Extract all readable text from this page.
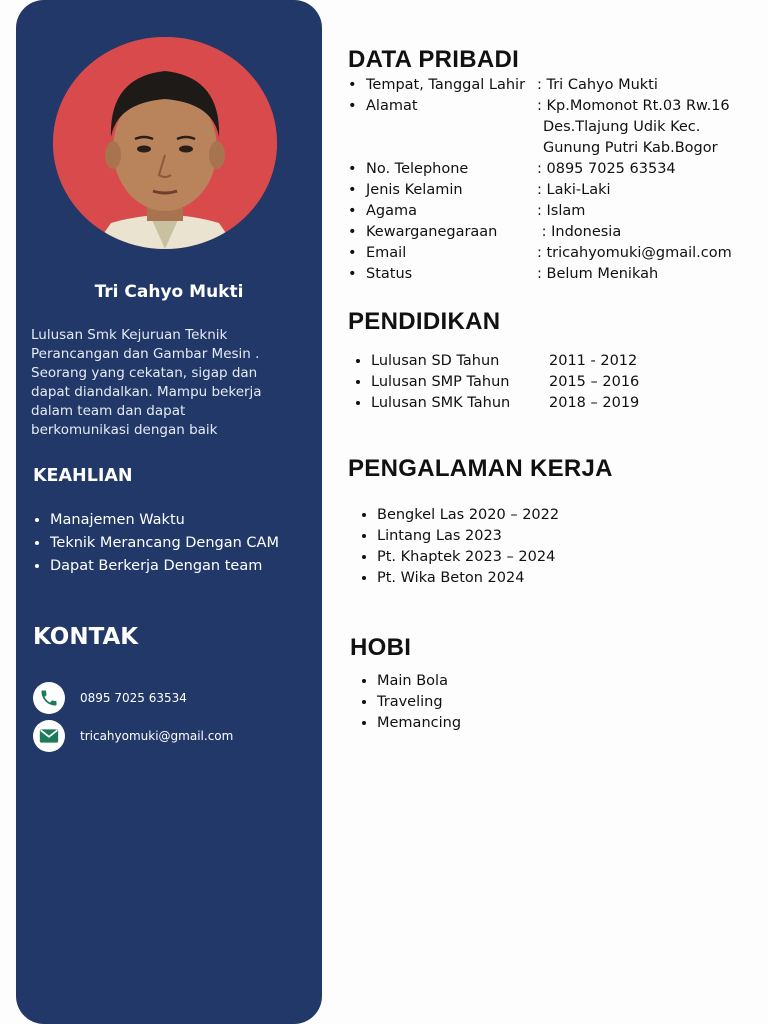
Tri Cahyo Mukti
Lulusan Smk Kejuruan Teknik
Perancangan dan Gambar Mesin .
Seorang yang cekatan, sigap dan
dapat diandalkan. Mampu bekerja
dalam team dan dapat
berkomunikasi dengan baik
KEAHLIAN
• Manajemen Waktu
• Teknik Merancang Dengan CAM
• Dapat Berkerja Dengan team
KONTAK
0895 7025 63534
tricahyomuki@gmail.com
DATA PRIBADI
• Tempat, Tanggal Lahir : Tri Cahyo Mukti
• Alamat	: Kp.Momonot Rt.03 Rw.16
Des.Tlajung Udik Kec.
Gunung Putri Kab.Bogor
• No. Telephone	: 0895 7025 63534
• Jenis Kelamin	: Laki-Laki
• Agama	: Islam
• Kewarganegaraan	: Indonesia
• Email	: tricahyomuki@gmail.com
• Status	: Belum Menikah
PENDIDIKAN
• Lulusan SD Tahun	2011 - 2012
• Lulusan SMP Tahun	2015 – 2016
• Lulusan SMK Tahun	2018 – 2019
PENGALAMAN KERJA
• Bengkel Las 2020 – 2022
• Lintang Las 2023
• Pt. Khaptek 2023 – 2024
• Pt. Wika Beton 2024
HOBI
• Main Bola
• Traveling
• Memancing
